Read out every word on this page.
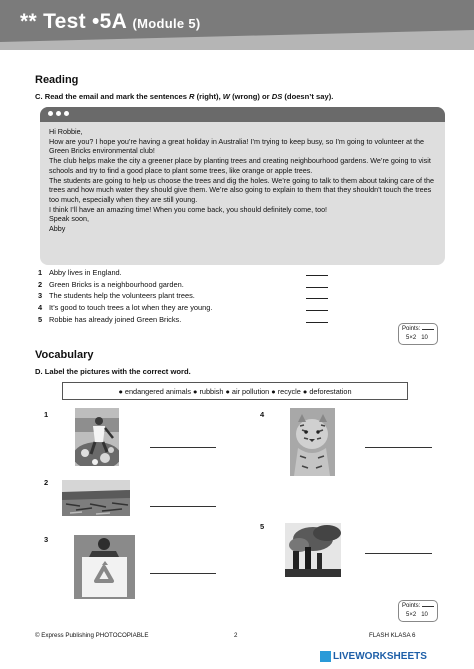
** Test •5A (Module 5)
Reading
C. Read the email and mark the sentences R (right), W (wrong) or DS (doesn’t say).

Hi Robbie,

How are you? I hope you’re having a great holiday in Australia! I’m trying to keep busy, so I’m going to volunteer at the Green Bricks environmental club!

The club helps make the city a greener place by planting trees and creating neighbourhood gardens. We’re going to visit schools and try to find a good place to plant some trees, like orange or apple trees.

The students are going to help us choose the trees and dig the holes. We’re going to talk to them about taking care of the trees and how much water they should give them. We’re also going to explain to them that they shouldn’t touch the trees too much, especially when they are still young.

I think I’ll have an amazing time! When you come back, you should definitely come, too!

Speak soon,

Abby

1 Abby lives in England.
2 Green Bricks is a neighbourhood garden.
3 The students help the volunteers plant trees.
4 It’s good to touch trees a lot when they are young.
5 Robbie has already joined Green Bricks.
Points:
5×2 10
Vocabulary
D. Label the pictures with the correct word.
●
endangered animals
●
rubbish
●
air pollution
●
recycle
●
deforestation
1
2
3
4
5
Points:
5×2 10
© Express Publishing PHOTOCOPIABLE	2	FLASH KLASA 6
LIVEWORKSHEETS
